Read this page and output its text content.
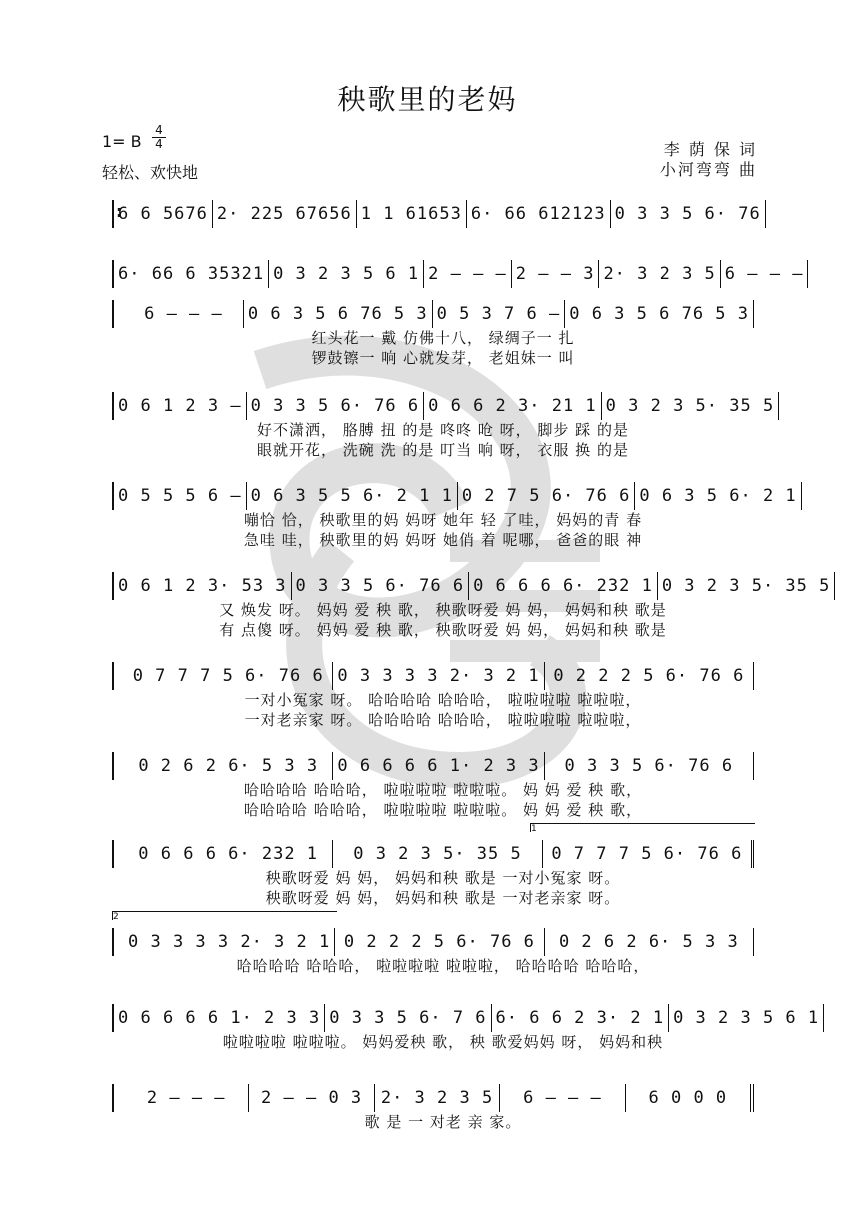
秧歌里的老妈
1= B
4
4
轻松、欢快地
李 荫 保 词
小河弯弯 曲
:
6 6 5676 2· 225 67656 1 1 61653 6· 66 612123 0 3 3 5 6· 76
6· 66 6 35321 0 3 2 3 5 6 1 2 — — — 2 — — 3 2· 3 2 3 5 6 — — —
6 — — — 0 6 3 5 6 76 5 3 0 5 3 7 6 — 0 6 3 5 6 76 5 3
红头花一 戴 仿佛十八， 绿绸子一 扎
锣鼓镲一 响 心就发芽， 老姐妹一 叫
0 6 1 2 3 — 0 3 3 5 6· 76 6 0 6 6 2 3· 21 1 0 3 2 3 5· 35 5
好不潇洒， 胳膊 扭 的是 咚咚 呛 呀， 脚步 踩 的是
眼就开花， 洗碗 洗 的是 叮当 响 呀， 衣服 换 的是
0 5 5 5 6 — 0 6 3 5 5 6· 2 1 1 0 2 7 5 6· 76 6 0 6 3 5 6· 2 1
嘣恰 恰， 秧歌里的妈 妈呀 她年 轻 了哇， 妈妈的青 春
急哇 哇， 秧歌里的妈 妈呀 她俏 着 呢哪， 爸爸的眼 神
0 6 1 2 3· 53 3 0 3 3 5 6· 76 6 0 6 6 6 6· 232 1 0 3 2 3 5· 35 5
又 焕发 呀。 妈妈 爱 秧 歌， 秧歌呀爱 妈 妈， 妈妈和秧 歌是
有 点傻 呀。 妈妈 爱 秧 歌， 秧歌呀爱 妈 妈， 妈妈和秧 歌是
0 7 7 7 5 6· 76 6 0 3 3 3 3 2· 3 2 1 0 2 2 2 5 6· 76 6
一对小冤家 呀。 哈哈哈哈 哈哈哈， 啦啦啦啦 啦啦啦，
一对老亲家 呀。 哈哈哈哈 哈哈哈， 啦啦啦啦 啦啦啦，
0 2 6 2 6· 5 3 3 0 6 6 6 6 1· 2 3 3 0 3 3 5 6· 76 6
哈哈哈哈 哈哈哈， 啦啦啦啦 啦啦啦。 妈 妈 爱 秧 歌，
哈哈哈哈 哈哈哈， 啦啦啦啦 啦啦啦。 妈 妈 爱 秧 歌，
0 6 6 6 6· 232 1 0 3 2 3 5· 35 5 0 7 7 7 5 6· 76 6
秧歌呀爱 妈 妈， 妈妈和秧 歌是 一对小冤家 呀。
秧歌呀爱 妈 妈， 妈妈和秧 歌是 一对老亲家 呀。
0 3 3 3 3 2· 3 2 1 0 2 2 2 5 6· 76 6 0 2 6 2 6· 5 3 3
哈哈哈哈 哈哈哈， 啦啦啦啦 啦啦啦， 哈哈哈哈 哈哈哈，
0 6 6 6 6 1· 2 3 3 0 3 3 5 6· 7 6 6· 6 6 2 3· 2 1 0 3 2 3 5 6 1
啦啦啦啦 啦啦啦。 妈妈爱秧 歌， 秧 歌爱妈妈 呀， 妈妈和秧
2 — — — 2 — — 0 3 2· 3 2 3 5 6 — — —	6 0 0 0
歌 是 一 对老 亲 家。
1
2
